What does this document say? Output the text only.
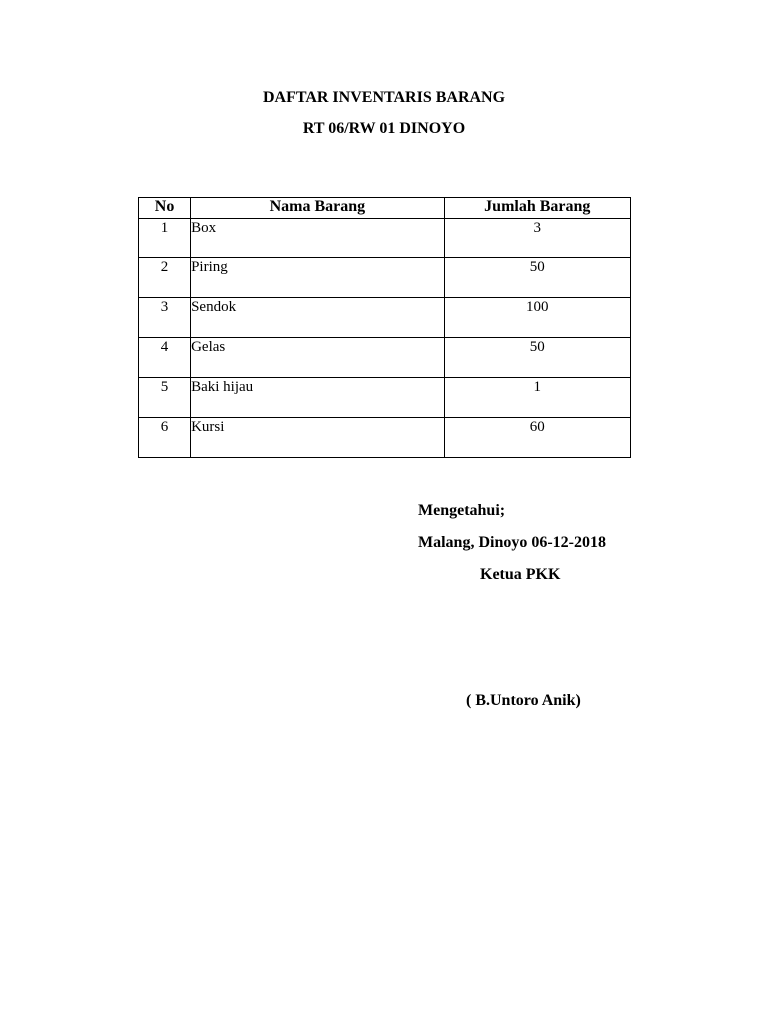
DAFTAR INVENTARIS BARANG
RT 06/RW 01 DINOYO
No	Nama Barang	Jumlah Barang
1	Box	3
2	Piring	50
3	Sendok	100
4	Gelas	50
5	Baki hijau	1
6	Kursi	60
Mengetahui;
Malang, Dinoyo 06-12-2018
Ketua PKK
( B.Untoro Anik)
